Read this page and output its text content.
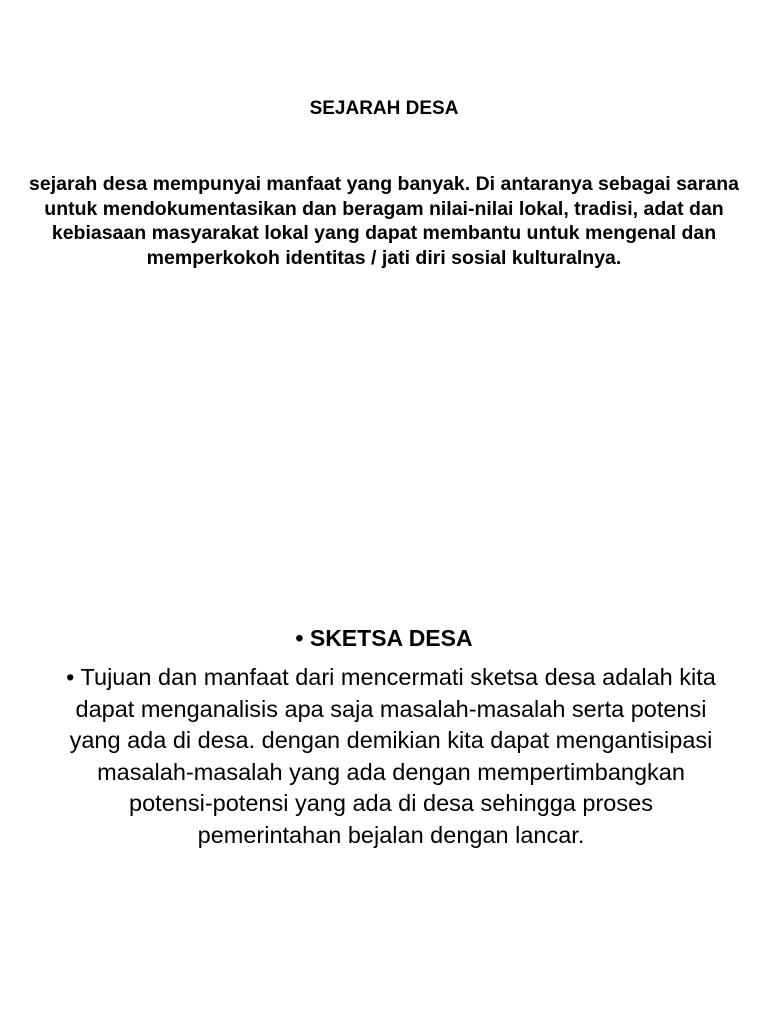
SEJARAH DESA
sejarah desa mempunyai manfaat yang banyak. Di antaranya sebagai sarana untuk mendokumentasikan dan beragam nilai-nilai lokal, tradisi, adat dan kebiasaan masyarakat lokal yang dapat membantu untuk mengenal dan memperkokoh identitas / jati diri sosial kulturalnya.
• SKETSA DESA
• Tujuan dan manfaat dari mencermati sketsa desa adalah kita dapat menganalisis apa saja masalah-masalah serta potensi yang ada di desa. dengan demikian kita dapat mengantisipasi masalah-masalah yang ada dengan mempertimbangkan potensi-potensi yang ada di desa sehingga proses pemerintahan bejalan dengan lancar.
